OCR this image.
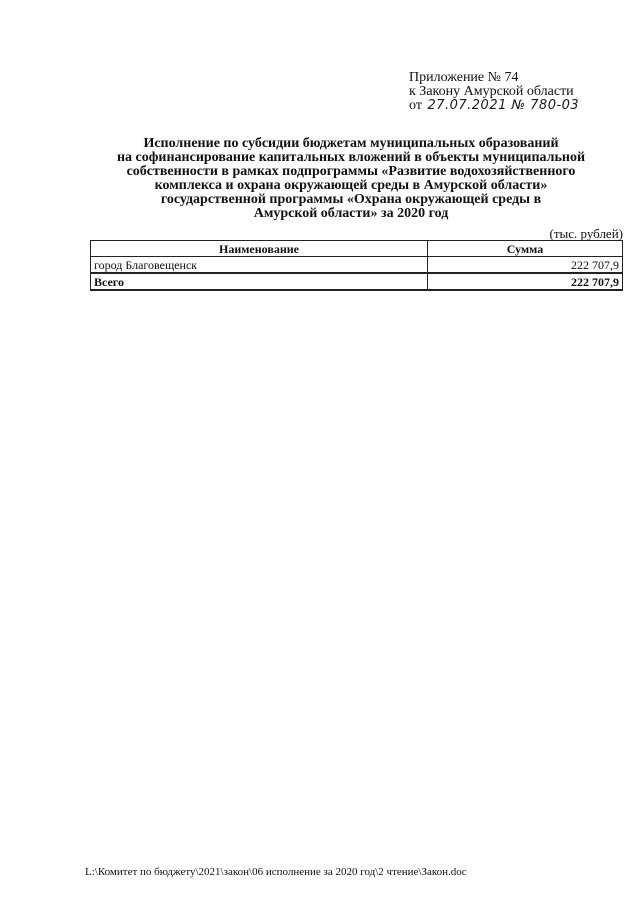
Приложение № 74
к Закону Амурской области
от 27.07.2021 № 780-03
Исполнение по субсидии бюджетам муниципальных образований
на софинансирование капитальных вложений в объекты муниципальной
собственности в рамках подпрограммы «Развитие водохозяйственного
комплекса и охрана окружающей среды в Амурской области»
государственной программы «Охрана окружающей среды в
Амурской области» за 2020 год
(тыс. рублей)
Наименование	Сумма
город Благовещенск	222 707,9
Всего	222 707,9
L:\Комитет по бюджету\2021\закон\06 исполнение за 2020 год\2 чтение\Закон.doc
